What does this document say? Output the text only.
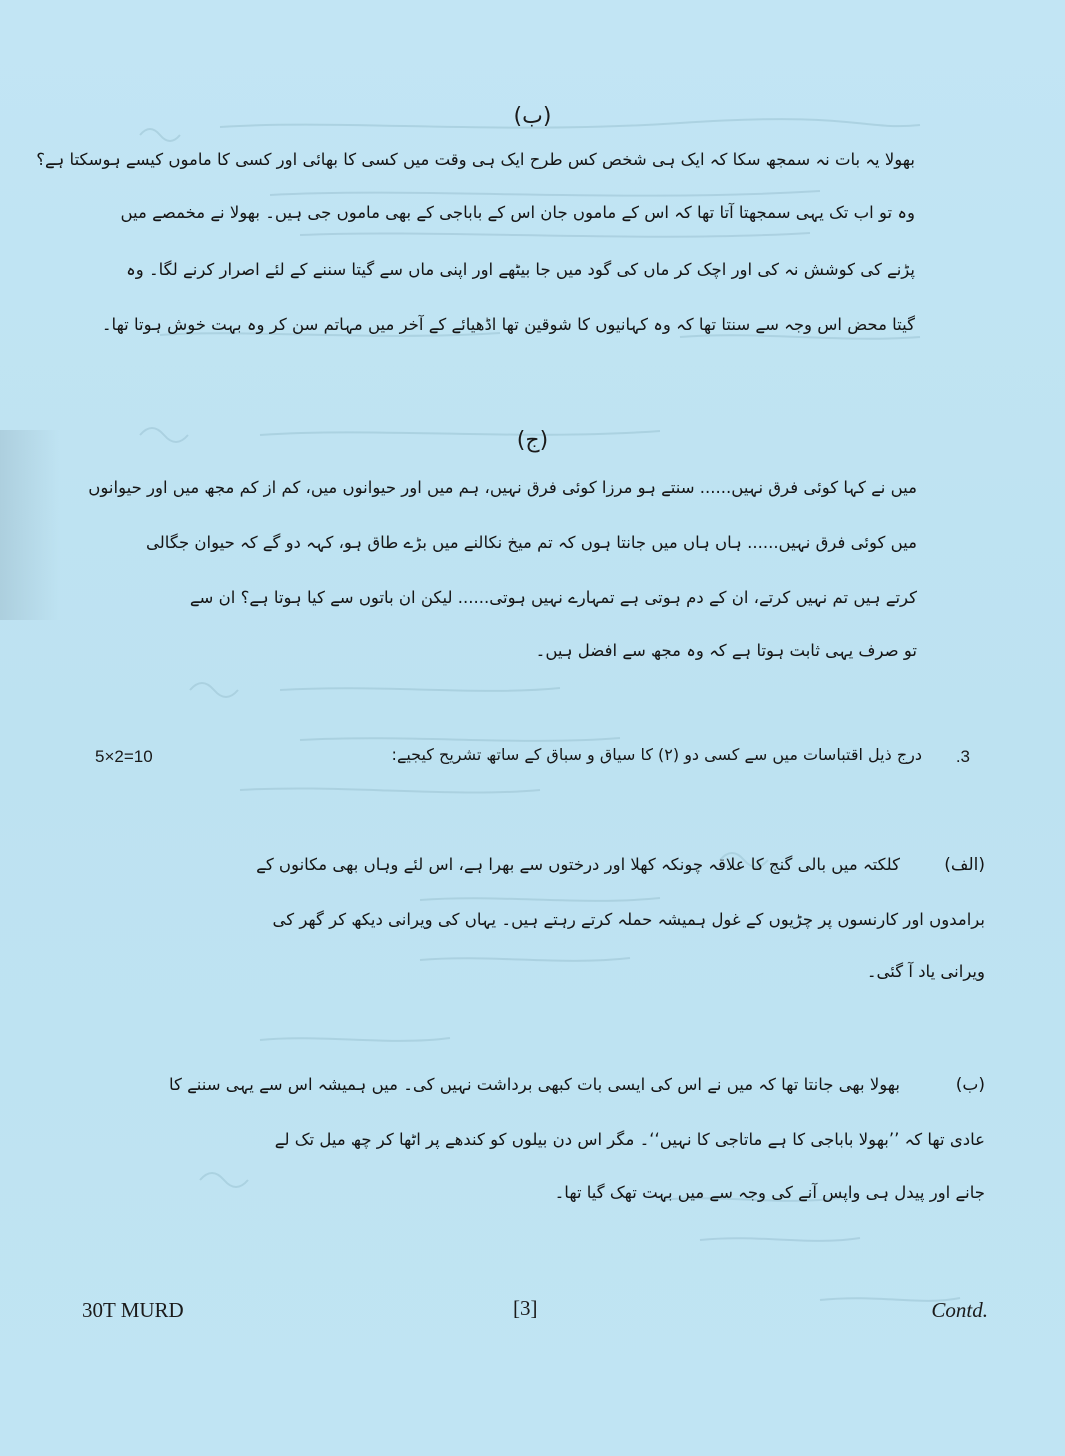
(ب)
بھولا یہ بات نہ سمجھ سکا کہ ایک ہی شخص کس طرح ایک ہی وقت میں کسی کا بھائی اور کسی کا ماموں کیسے ہوسکتا ہے؟
وہ تو اب تک یہی سمجھتا آتا تھا کہ اس کے ماموں جان اس کے باباجی کے بھی ماموں جی ہیں۔ بھولا نے مخمصے میں
پڑنے کی کوشش نہ کی اور اچک کر ماں کی گود میں جا بیٹھے اور اپنی ماں سے گیتا سننے کے لئے اصرار کرنے لگا۔ وہ
گیتا محض اس وجہ سے سنتا تھا کہ وہ کہانیوں کا شوقین تھا اڈھیائے کے آخر میں مہاتم سن کر وہ بہت خوش ہوتا تھا۔
(ج)
میں نے کہا کوئی فرق نہیں...... سنتے ہو مرزا کوئی فرق نہیں، ہم میں اور حیوانوں میں، کم از کم مجھ میں اور حیوانوں
میں کوئی فرق نہیں...... ہاں ہاں میں جانتا ہوں کہ تم میخ نکالنے میں بڑے طاق ہو، کہہ دو گے کہ حیوان جگالی
کرتے ہیں تم نہیں کرتے، ان کے دم ہوتی ہے تمہارے نہیں ہوتی...... لیکن ان باتوں سے کیا ہوتا ہے؟ ان سے
تو صرف یہی ثابت ہوتا ہے کہ وہ مجھ سے افضل ہیں۔
5×2=10	درج ذیل اقتباسات میں سے کسی دو (۲) کا سیاق و سباق کے ساتھ تشریح کیجیے: .3
(الف)
کلکتہ میں بالی گنج کا علاقہ چونکہ کھلا اور درختوں سے بھرا ہے، اس لئے وہاں بھی مکانوں کے
برامدوں اور کارنسوں پر چڑیوں کے غول ہمیشہ حملہ کرتے رہتے ہیں۔ یہاں کی ویرانی دیکھ کر گھر کی
ویرانی یاد آ گئی۔
(ب)
بھولا بھی جانتا تھا کہ میں نے اس کی ایسی بات کبھی برداشت نہیں کی۔ میں ہمیشہ اس سے یہی سننے کا
عادی تھا کہ ’’بھولا باباجی کا ہے ماتاجی کا نہیں‘‘۔ مگر اس دن بیلوں کو کندھے پر اٹھا کر چھ میل تک لے
جانے اور پیدل ہی واپس آنے کی وجہ سے میں بہت تھک گیا تھا۔
30T MURD	[3]	Contd.
